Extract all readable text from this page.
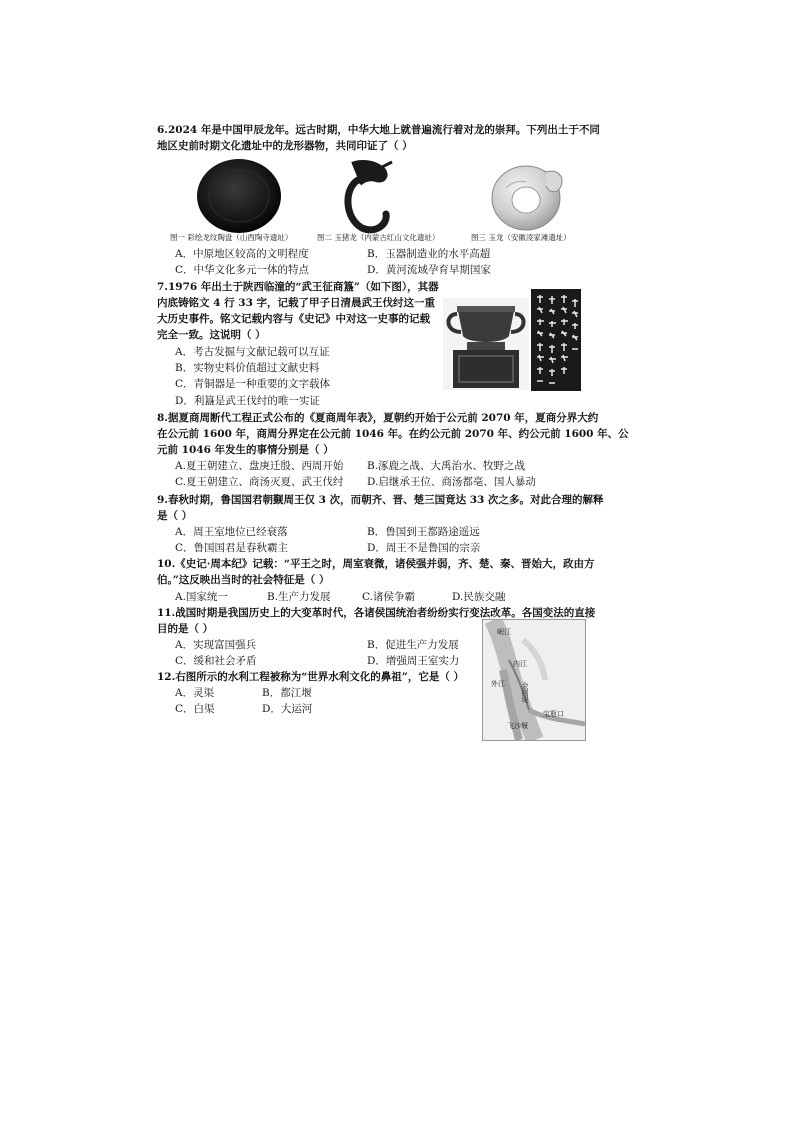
6.2024 年是中国甲辰龙年。远古时期，中华大地上就普遍流行着对龙的崇拜。下列出土于不同
地区史前时期文化遗址中的龙形器物，共同印证了（ ）
图一 彩绘龙纹陶盘（山西陶寺遗址）	图二 玉猪龙（内蒙古红山文化遗址）	图三 玉龙（安徽凌家滩遗址）
A．中原地区较高的文明程度	B．玉器制造业的水平高超
C．中华文化多元一体的特点	D．黄河流域孕育早期国家
7.1976 年出土于陕西临潼的“武王征商簋”（如下图），其器
内底铸铭文 4 行 33 字，记载了甲子日清晨武王伐纣这一重
大历史事件。铭文记载内容与《史记》中对这一史事的记载
完全一致。这说明（ ）
A．考古发掘与文献记载可以互证
B．实物史料价值超过文献史料
C．青铜器是一种重要的文字载体
D．利簋是武王伐纣的唯一实证
8.据夏商周断代工程正式公布的《夏商周年表》，夏朝约开始于公元前 2070 年，夏商分界大约
在公元前 1600 年，商周分界定在公元前 1046 年。在约公元前 2070 年、约公元前 1600 年、公
元前 1046 年发生的事情分别是（ ）
A.夏王朝建立、盘庚迁殷、西周开始 B.涿鹿之战、大禹治水、牧野之战
C.夏王朝建立、商汤灭夏、武王伐纣 D.启继承王位、商汤都亳、国人暴动
9.春秋时期，鲁国国君朝觐周王仅 3 次，而朝齐、晋、楚三国竟达 33 次之多。对此合理的解释
是（ ）
A．周王室地位已经衰落	B．鲁国到王都路途遥远
C．鲁国国君是春秋霸主	D．周王不是鲁国的宗亲
10.《史记·周本纪》记载：“平王之时，周室衰微，诸侯强并弱，齐、楚、秦、晋始大，政由方
伯。”这反映出当时的社会特征是（ ）
A.国家统一	B.生产力发展	C.诸侯争霸	D.民族交融
11.战国时期是我国历史上的大变革时代，各诸侯国统治者纷纷实行变法改革。各国变法的直接
目的是（ ）
A．实现富国强兵	B．促进生产力发展
C．缓和社会矛盾	D．增强周王室实力
12.右图所示的水利工程被称为“世界水利文化的鼻祖”，它是（ ）
A．灵渠	B．都江堰
C．白渠	D．大运河
岷江
内江
外江 金刚堤
宝瓶口
飞沙堰
